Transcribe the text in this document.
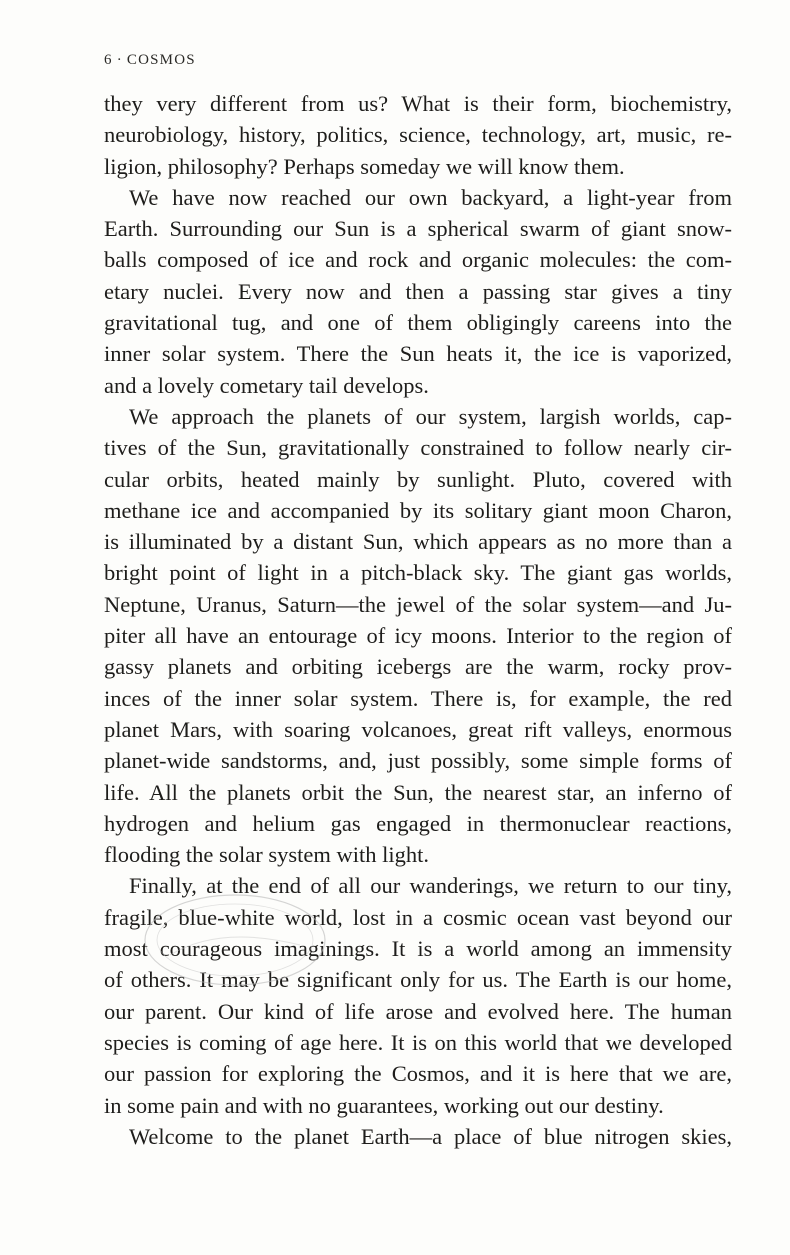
6 · COSMOS
they very different from us? What is their form, biochemistry,
neurobiology, history, politics, science, technology, art, music, re-
ligion, philosophy? Perhaps someday we will know them.
We have now reached our own backyard, a light-year from
Earth. Surrounding our Sun is a spherical swarm of giant snow-
balls composed of ice and rock and organic molecules: the com-
etary nuclei. Every now and then a passing star gives a tiny
gravitational tug, and one of them obligingly careens into the
inner solar system. There the Sun heats it, the ice is vaporized,
and a lovely cometary tail develops.
We approach the planets of our system, largish worlds, cap-
tives of the Sun, gravitationally constrained to follow nearly cir-
cular orbits, heated mainly by sunlight. Pluto, covered with
methane ice and accompanied by its solitary giant moon Charon,
is illuminated by a distant Sun, which appears as no more than a
bright point of light in a pitch-black sky. The giant gas worlds,
Neptune, Uranus, Saturn—the jewel of the solar system—and Ju-
piter all have an entourage of icy moons. Interior to the region of
gassy planets and orbiting icebergs are the warm, rocky prov-
inces of the inner solar system. There is, for example, the red
planet Mars, with soaring volcanoes, great rift valleys, enormous
planet-wide sandstorms, and, just possibly, some simple forms of
life. All the planets orbit the Sun, the nearest star, an inferno of
hydrogen and helium gas engaged in thermonuclear reactions,
flooding the solar system with light.
Finally, at the end of all our wanderings, we return to our tiny,
fragile, blue-white world, lost in a cosmic ocean vast beyond our
most courageous imaginings. It is a world among an immensity
of others. It may be significant only for us. The Earth is our home,
our parent. Our kind of life arose and evolved here. The human
species is coming of age here. It is on this world that we developed
our passion for exploring the Cosmos, and it is here that we are,
in some pain and with no guarantees, working out our destiny.
Welcome to the planet Earth—a place of blue nitrogen skies,
